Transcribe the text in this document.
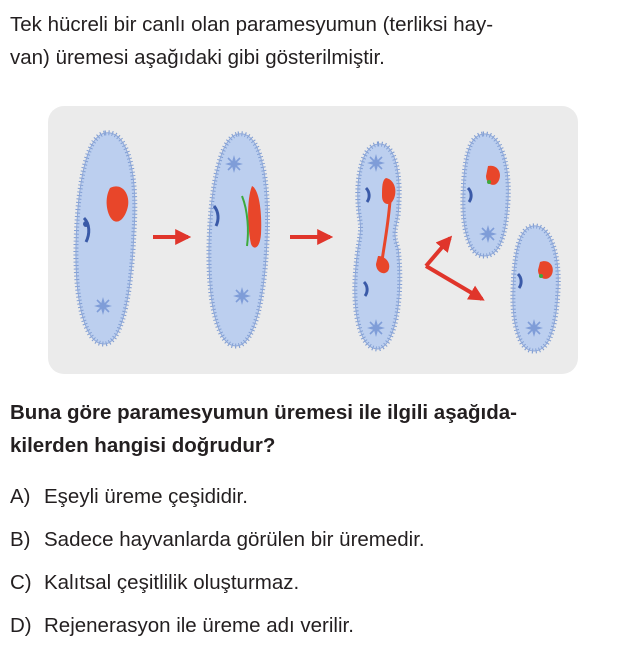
Tek hücreli bir canlı olan paramesyumun (terliksi hay-
van) üremesi aşağıdaki gibi gösterilmiştir.

Buna göre paramesyumun üremesi ile ilgili aşağıda-
kilerden hangisi doğrudur?

A) Eşeyli üreme çeşididir.
B) Sadece hayvanlarda görülen bir üremedir.
C) Kalıtsal çeşitlilik oluşturmaz.
D) Rejenerasyon ile üreme adı verilir.
